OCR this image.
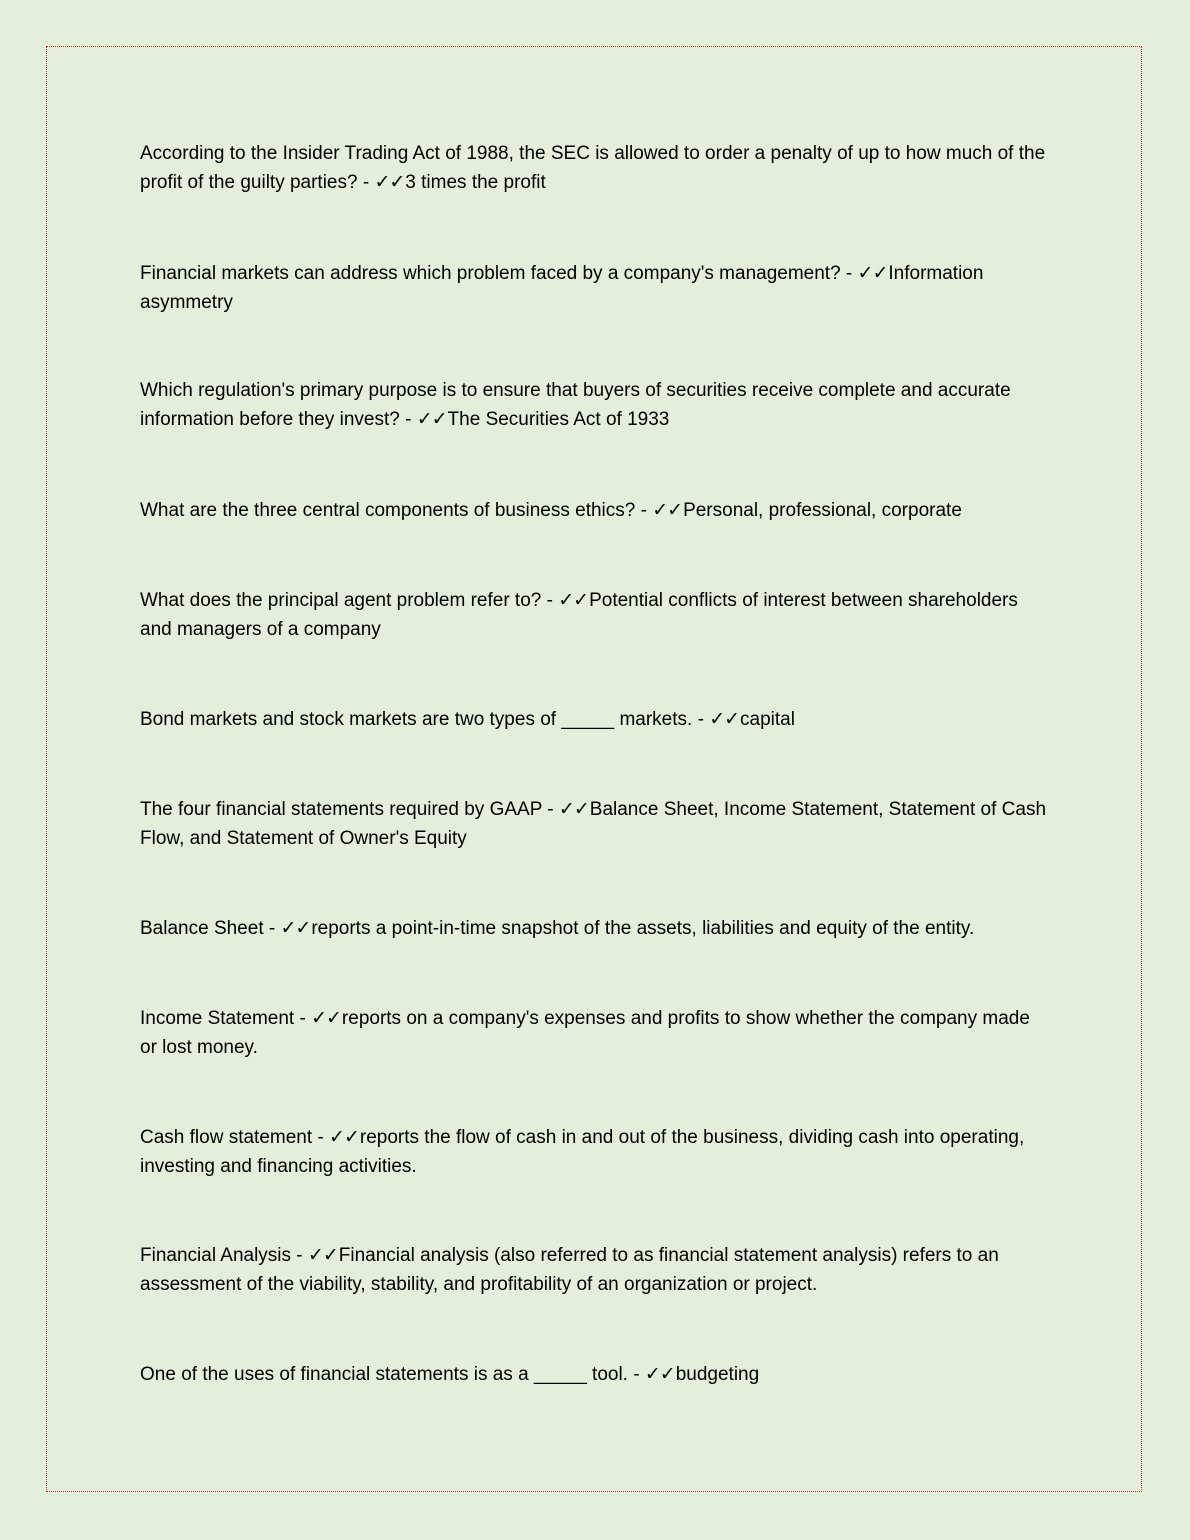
According to the Insider Trading Act of 1988, the SEC is allowed to order a penalty of up to how much of the profit of the guilty parties? - ✓✓3 times the profit

Financial markets can address which problem faced by a company's management? - ✓✓Information asymmetry

Which regulation's primary purpose is to ensure that buyers of securities receive complete and accurate information before they invest? - ✓✓The Securities Act of 1933

What are the three central components of business ethics? - ✓✓Personal, professional, corporate

What does the principal agent problem refer to? - ✓✓Potential conflicts of interest between shareholders and managers of a company

Bond markets and stock markets are two types of _____ markets. - ✓✓capital

The four financial statements required by GAAP - ✓✓Balance Sheet, Income Statement, Statement of Cash Flow, and Statement of Owner's Equity

Balance Sheet - ✓✓reports a point-in-time snapshot of the assets, liabilities and equity of the entity.

Income Statement - ✓✓reports on a company's expenses and profits to show whether the company made or lost money.

Cash flow statement - ✓✓reports the flow of cash in and out of the business, dividing cash into operating, investing and financing activities.

Financial Analysis - ✓✓Financial analysis (also referred to as financial statement analysis) refers to an assessment of the viability, stability, and profitability of an organization or project.

One of the uses of financial statements is as a _____ tool. - ✓✓budgeting
